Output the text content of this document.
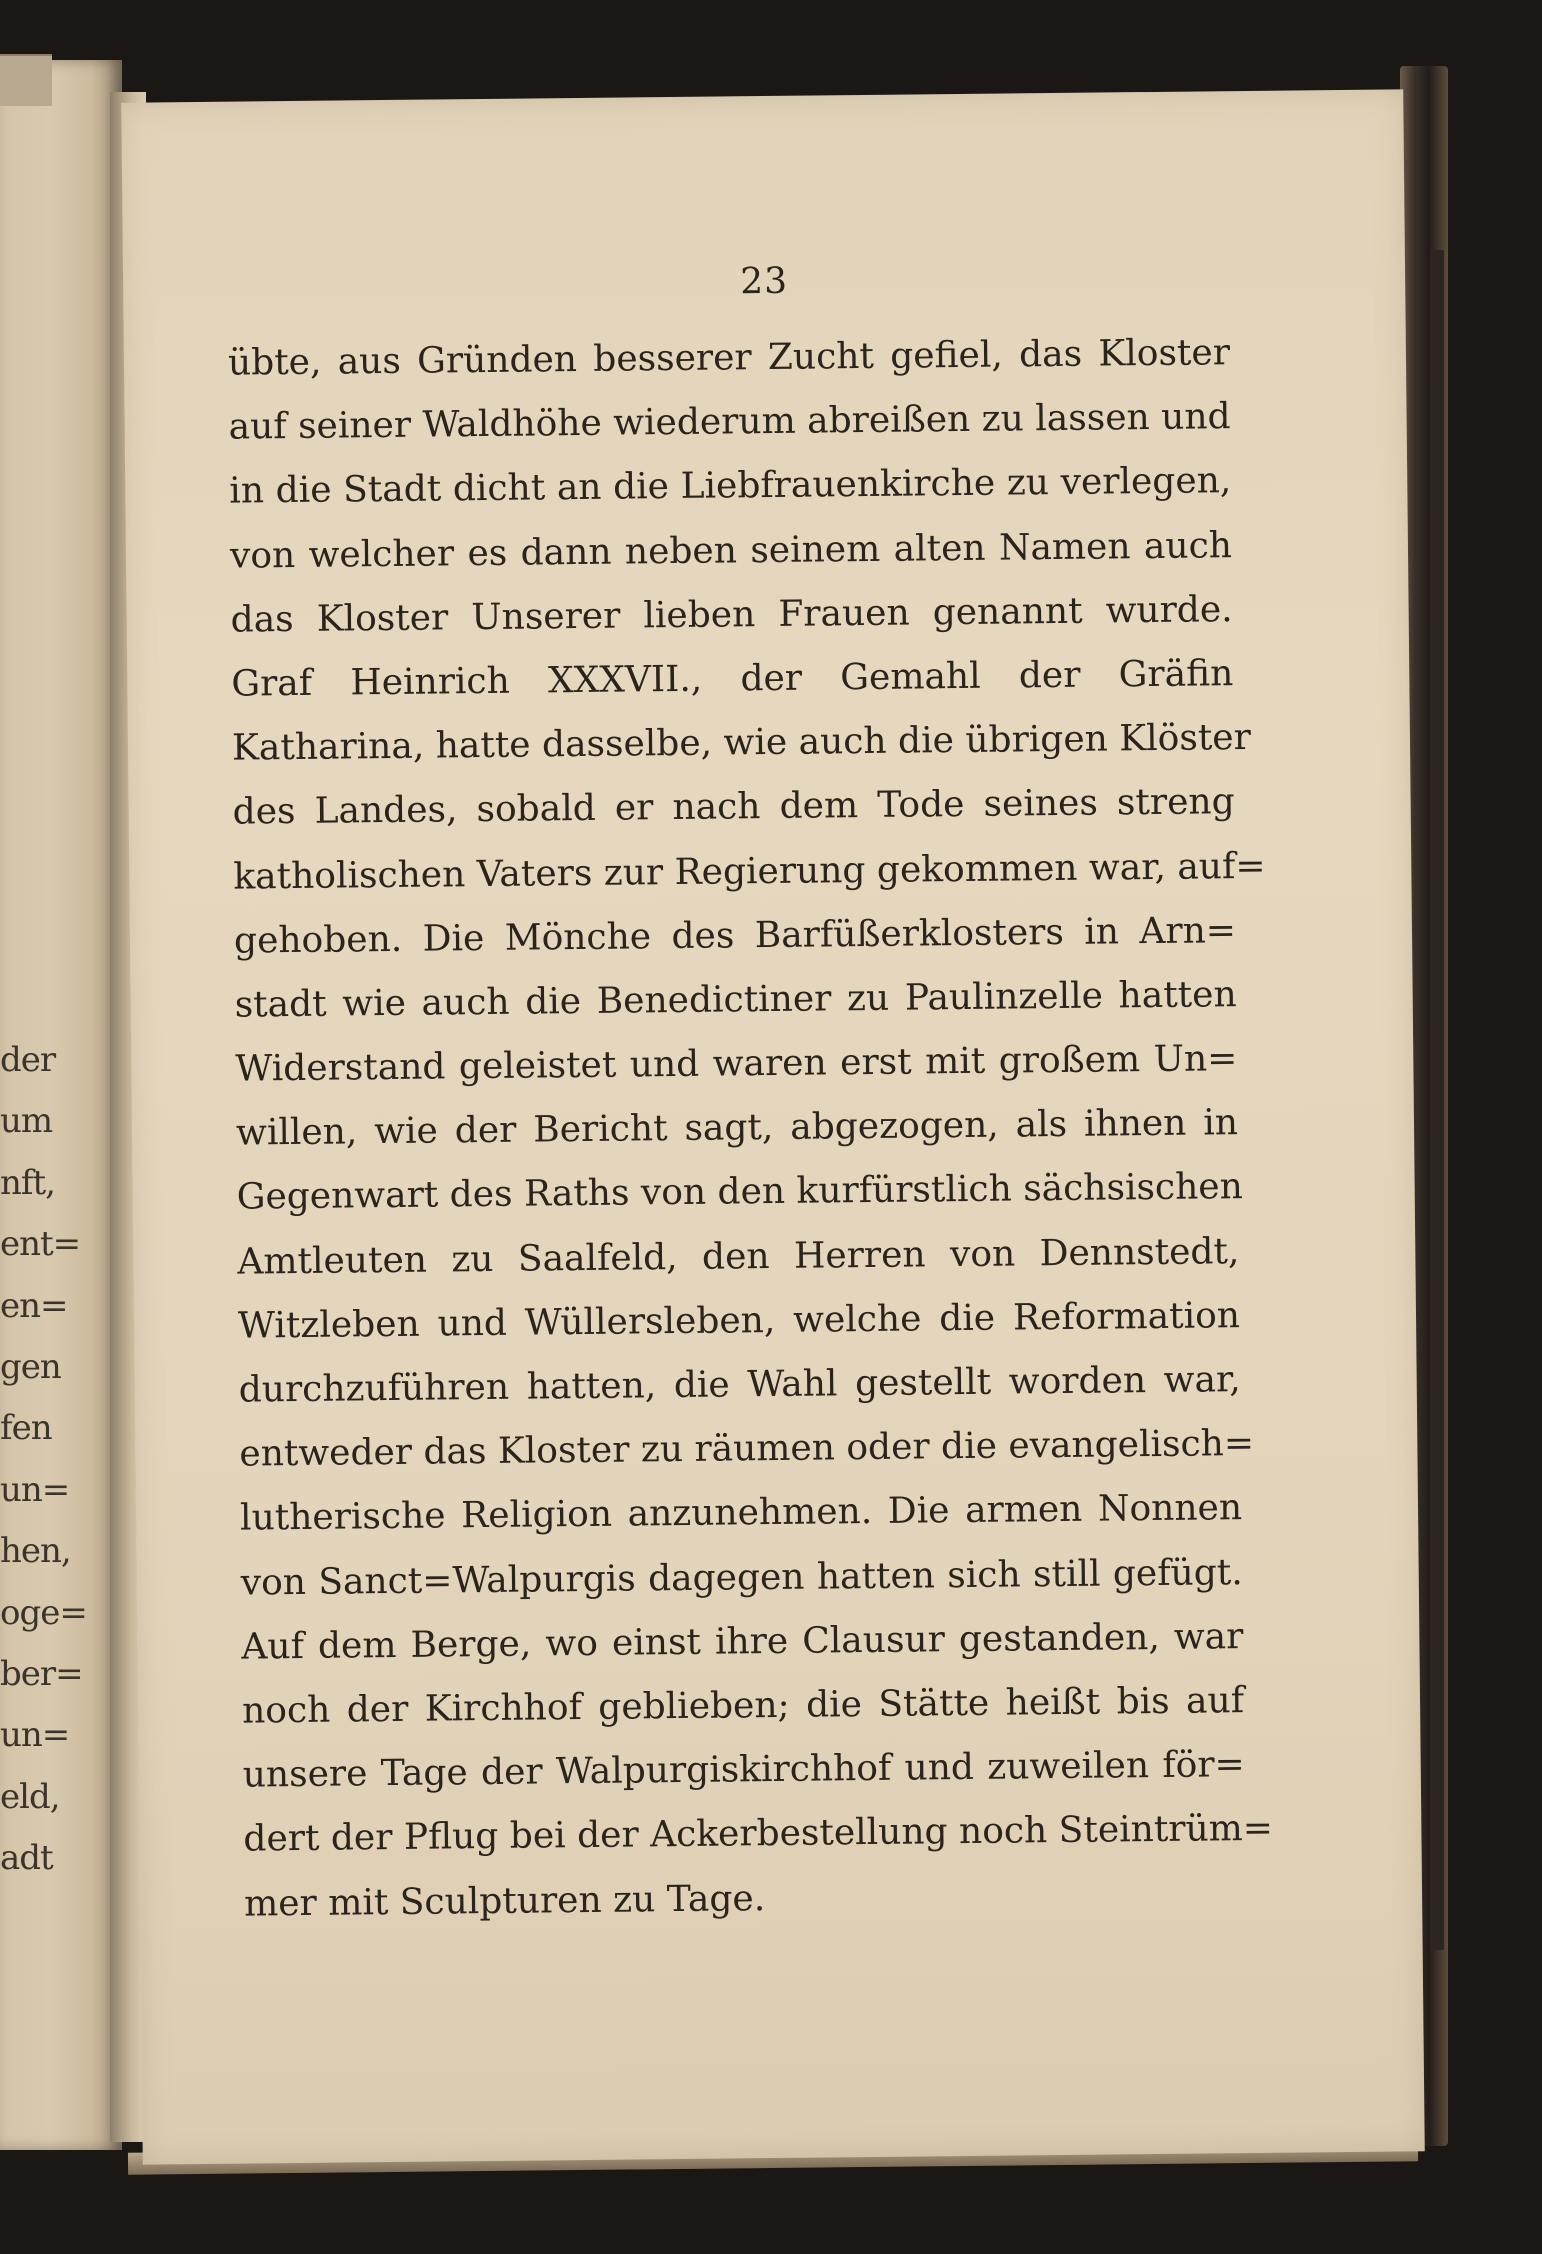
der
um
nft,
ent=
en=
gen
fen
un=
hen,
oge=
ber=
un=
eld,
adt
23
übte, aus Gründen besserer Zucht gefiel, das Kloster
auf seiner Waldhöhe wiederum abreißen zu lassen und
in die Stadt dicht an die Liebfrauenkirche zu verlegen,
von welcher es dann neben seinem alten Namen auch
das Kloster Unserer lieben Frauen genannt wurde.
Graf Heinrich XXXVII., der Gemahl der Gräfin
Katharina, hatte dasselbe, wie auch die übrigen Klöster
des Landes, sobald er nach dem Tode seines streng
katholischen Vaters zur Regierung gekommen war, auf=
gehoben. Die Mönche des Barfüßerklosters in Arn=
stadt wie auch die Benedictiner zu Paulinzelle hatten
Widerstand geleistet und waren erst mit großem Un=
willen, wie der Bericht sagt, abgezogen, als ihnen in
Gegenwart des Raths von den kurfürstlich sächsischen
Amtleuten zu Saalfeld, den Herren von Dennstedt,
Witzleben und Wüllersleben, welche die Reformation
durchzuführen hatten, die Wahl gestellt worden war,
entweder das Kloster zu räumen oder die evangelisch=
lutherische Religion anzunehmen. Die armen Nonnen
von Sanct=Walpurgis dagegen hatten sich still gefügt.
Auf dem Berge, wo einst ihre Clausur gestanden, war
noch der Kirchhof geblieben; die Stätte heißt bis auf
unsere Tage der Walpurgiskirchhof und zuweilen för=
dert der Pflug bei der Ackerbestellung noch Steintrüm=
mer mit Sculpturen zu Tage.
